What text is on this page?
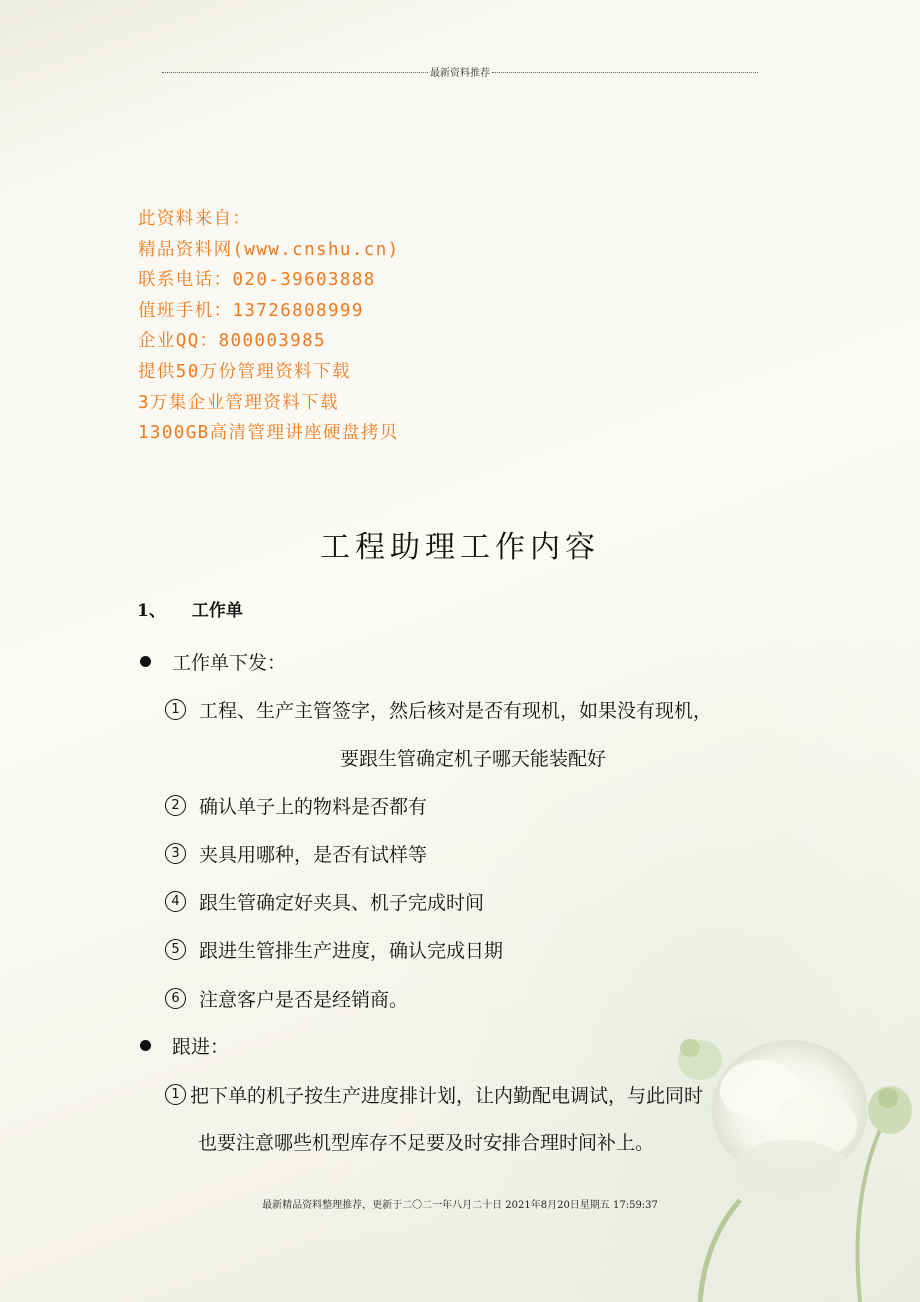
最新资料推荐
此资料来自：
精品资料网(www.cnshu.cn)
联系电话：020-39603888
值班手机：13726808999
企业QQ：800003985
提供50万份管理资料下载
3万集企业管理资料下载
1300GB高清管理讲座硬盘拷贝
工程助理工作内容
1、 工作单
工作单下发：
1	工程、生产主管签字，然后核对是否有现机，如果没有现机，
要跟生管确定机子哪天能装配好
2	确认单子上的物料是否都有
3	夹具用哪种，是否有试样等
4	跟生管确定好夹具、机子完成时间
5	跟进生管排生产进度，确认完成日期
6	注意客户是否是经销商。
跟进：
1 把下单的机子按生产进度排计划，让内勤配电调试，与此同时
也要注意哪些机型库存不足要及时安排合理时间补上。
最新精品资料整理推荐，更新于二〇二一年八月二十日 2021年8月20日星期五 17:59:37
